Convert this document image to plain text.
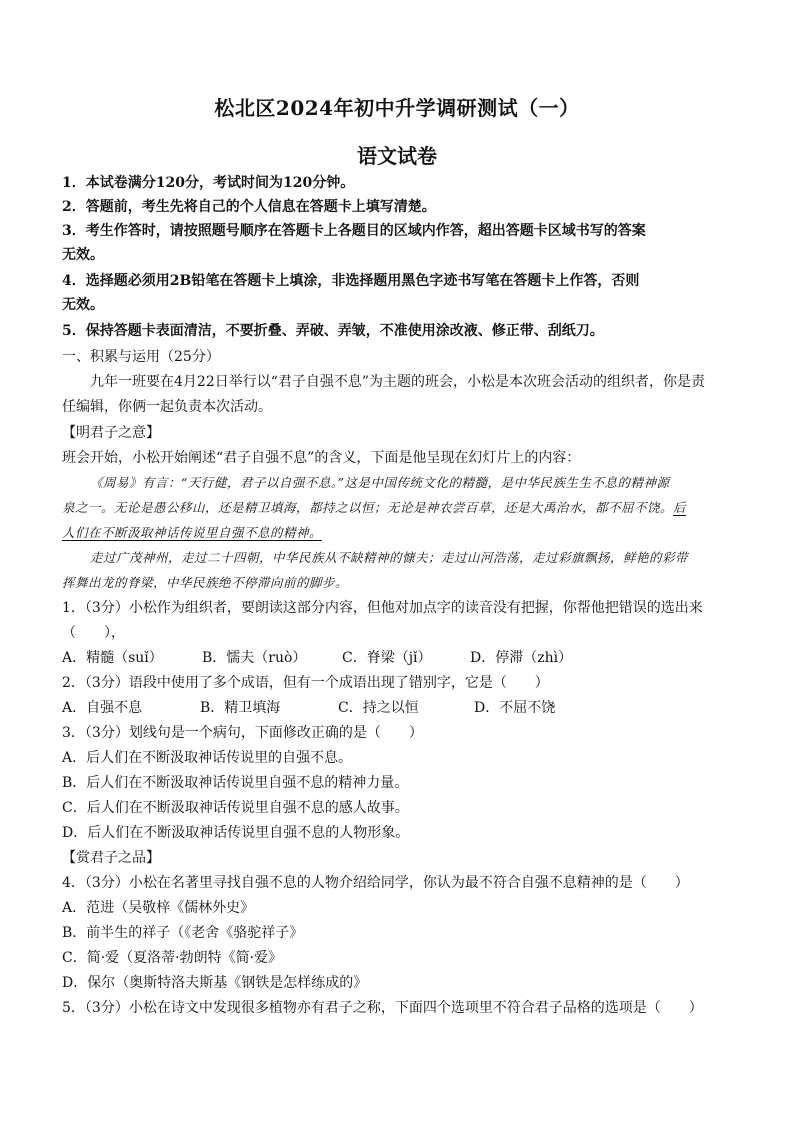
松北区2024年初中升学调研测试（一）
语文试卷
1．本试卷满分120分，考试时间为120分钟。
2．答题前，考生先将自己的个人信息在答题卡上填写清楚。
3．考生作答时，请按照题号顺序在答题卡上各题目的区域内作答，超出答题卡区域书写的答案
无效。
4．选择题必须用2B铅笔在答题卡上填涂，非选择题用黑色字迹书写笔在答题卡上作答，否则
无效。
5．保持答题卡表面清洁，不要折叠、弄破、弄皱，不准使用涂改液、修正带、刮纸刀。
一、积累与运用（25分）
九年一班要在4月22日举行以“君子自强不息”为主题的班会，小松是本次班会活动的组织者，你是责
任编辑，你俩一起负责本次活动。
【明君子之意】
班会开始，小松开始阐述“君子自强不息”的含义，下面是他呈现在幻灯片上的内容：
《周易》有言：“天行健，君子以自强不息。”这是中国传统文化的精髓，是中华民族生生不息的精神源
泉之一。无论是愚公移山，还是精卫填海，都持之以恒；无论是神农尝百草，还是大禹治水，都不屈不饶。后
人们在不断汲取神话传说里自强不息的精神。
走过广茂神州，走过二十四朝，中华民族从不缺精神的慷夫；走过山河浩荡，走过彩旗飘扬，鲜艳的彩带
挥舞出龙的脊梁，中华民族绝不停滞向前的脚步。
1．（3分）小松作为组织者，要朗读这部分内容，但他对加点字的读音没有把握，你帮他把错误的选出来
（　　），
A．精髓（suǐ）	B．懦夫（ruò）	C．脊梁（jǐ）	D．停滞（zhì）
2．（3分）语段中使用了多个成语，但有一个成语出现了错别字，它是（　　）
A．自强不息	B．精卫填海	C．持之以恒	D．不屈不饶
3．（3分）划线句是一个病句，下面修改正确的是（　　）
A．后人们在不断汲取神话传说里的自强不息。
B．后人们在不断汲取神话传说里自强不息的精神力量。
C．后人们在不断汲取神话传说里自强不息的感人故事。
D．后人们在不断汲取神话传说里自强不息的人物形象。
【赏君子之品】
4．（3分）小松在名著里寻找自强不息的人物介绍给同学，你认为最不符合自强不息精神的是（　　）
A．范进（吴敬梓《儒林外史》
B．前半生的祥子（《老舍《骆驼祥子》
C．简·爱（夏洛蒂·勃朗特《简·爱》
D．保尔（奥斯特洛夫斯基《钢铁是怎样练成的》
5．（3分）小松在诗文中发现很多植物亦有君子之称，下面四个选项里不符合君子品格的选项是（　　）
